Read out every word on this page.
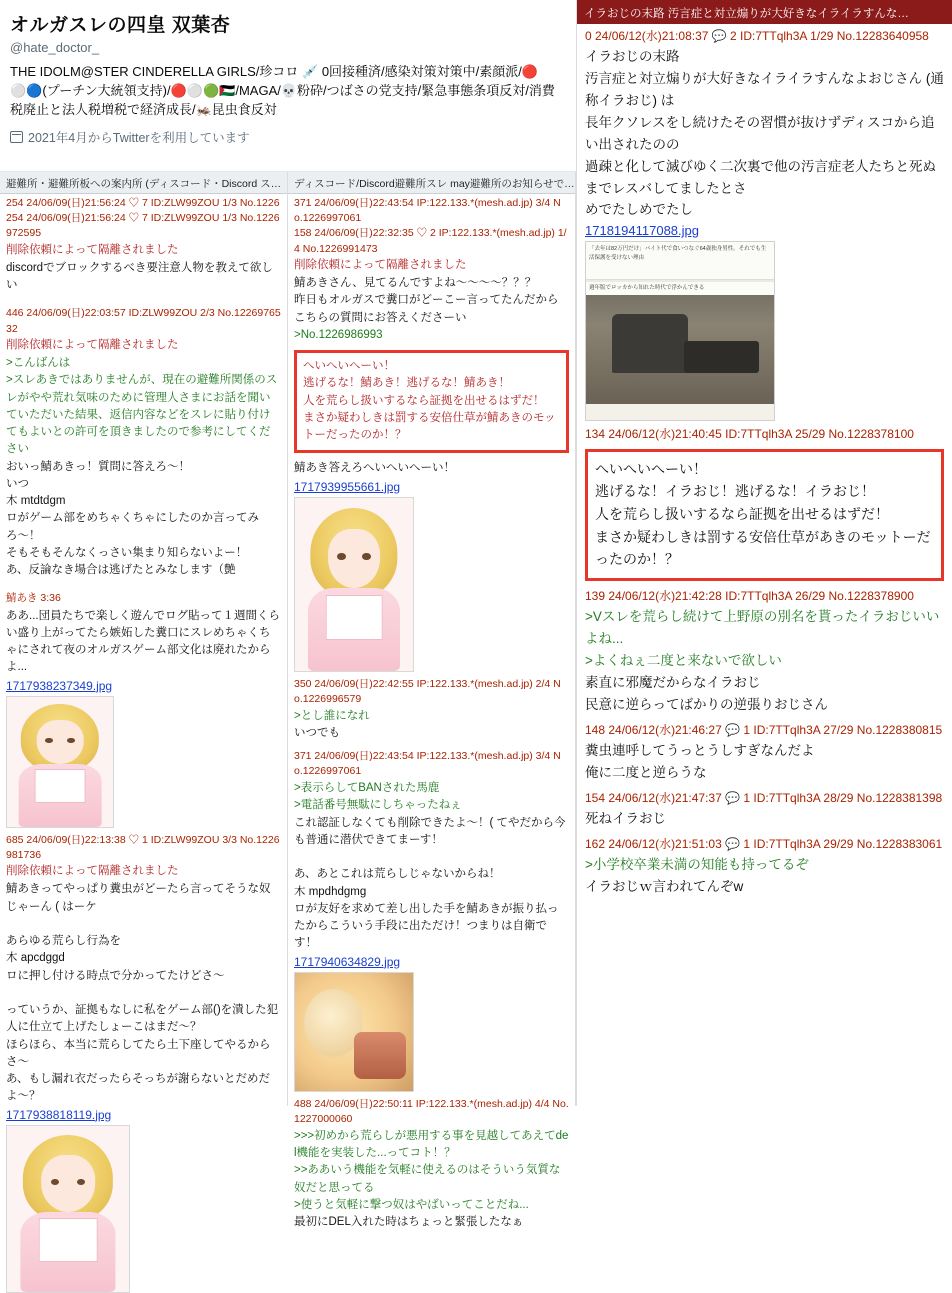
オルガスレの四皇 双葉杏
@hate_doctor_
THE IDOLM@STER CINDERELLA GIRLS/珍コロ 💉 0回接種済/感染対策対策中/素顔派/🔴⚪🔵(プーチン大統領支持)/🔴⚪🟢🇵🇸/MAGA/💀粉砕/つばさの党支持/緊急事態条項反対/消費税廃止と法人税増税で経済成長/🦗昆虫食反対
2021年4月からTwitterを利用しています
避難所・避難所板への案内所 (ディスコード・Discord ス…
254 24/06/09(日)21:56:24 ♡ 7 ID:ZLW99ZOU 1/3 No.1226
254 24/06/09(日)21:56:24 ♡ 7 ID:ZLW99ZOU 1/3 No.1226972595
削除依頼によって隔離されました
discordでブロックするべき要注意人物を教えて欲しい
446 24/06/09(日)22:03:57 ID:ZLW99ZOU 2/3 No.1226976532
削除依頼によって隔離されました
>こんばんは
>スレあきではありませんが、現在の避難所関係のスレがやや荒れ気味のために管理人さまにお話を聞いていただいた結果、返信内容などをスレに貼り付けてもよいとの許可を頂きましたので参考にしてください
おいっ鯖あきっ！質問に答えろ〜！
いつ
木 mtdtdgm
ロがゲーム部をめちゃくちゃにしたのか言ってみろ〜！
そもそもそんなくっさい集まり知らないよー！
あ、反論なき場合は逃げたとみなします（艶
鯖あき 3:36
ああ...団員たちで楽しく遊んでログ貼って１週間くらい盛り上がってたら嫉妬した糞口にスレめちゃくちゃにされて夜のオルガスゲーム部文化は廃れたからよ...
1717938237349.jpg
685 24/06/09(日)22:13:38 ♡ 1 ID:ZLW99ZOU 3/3 No.1226981736
削除依頼によって隔離されました
鯖あきってやっぱり糞虫がどーたら言ってそうな奴じゃーん ( はーケ

あらゆる荒らし行為を
木 apcdggd
ロに押し付ける時点で分かってたけどさ〜

っていうか、証拠もなしに私をゲーム部()を潰した犯人に仕立て上げたしょーこはまだ〜？
ほらほら、本当に荒らしてたら土下座してやるからさ〜
あ、もし漏れ衣だったらそっちが謝らないとだめだよ〜？
1717938818119.jpg
ディスコード/Discord避難所スレ may避難所のお知らせで…
371 24/06/09(日)22:43:54 IP:122.133.*(mesh.ad.jp) 3/4 No.1226997061
158 24/06/09(日)22:32:35 ♡ 2 IP:122.133.*(mesh.ad.jp) 1/4 No.1226991473
削除依頼によって隔離されました
鯖あきさん、見てるんですよね〜〜〜〜？？？
昨日もオルガスで糞口がどーこー言ってたんだからこちらの質問にお答えくださーい
>No.1226986993
へいへいへーい！
逃げるな！鯖あき！逃げるな！鯖あき！
人を荒らし扱いするなら証拠を出せるはずだ！
まさか疑わしきは罰する安倍仕草が鯖あきのモットーだったのか！？
鯖あき答えろへいへいへーい！
1717939955661.jpg
350 24/06/09(日)22:42:55 IP:122.133.*(mesh.ad.jp) 2/4 No.1226996579
>とし誰になれ
いつでも
371 24/06/09(日)22:43:54 IP:122.133.*(mesh.ad.jp) 3/4 No.1226997061
>表示らしてBANされた馬鹿
>電話番号無駄にしちゃったねぇ
これ認証しなくても削除できたよ〜！( てやだから今も普通に潜伏できてまーす！

あ、あとこれは荒らしじゃないからね！
木 mpdhdgmg
ロが友好を求めて差し出した手を鯖あきが振り払ったからこういう手段に出ただけ！つまりは自衛です！
1717940634829.jpg
488 24/06/09(日)22:50:11 IP:122.133.*(mesh.ad.jp) 4/4 No.1227000060
>>>初めから荒らしが悪用する事を見越してあえてdel機能を実装した...ってコト！？
>>ああいう機能を気軽に使えるのはそういう気質な奴だと思ってる
>使うと気軽に撃つ奴はやばいってことだね...
最初にDEL入れた時はちょっと緊張したなぁ
イラおじの末路 汚言症と対立煽りが大好きなイライラすんな…
0 24/06/12(水)21:08:37 💬 2 ID:7TTqlh3A 1/29 No.12283640958
イラおじの末路
汚言症と対立煽りが大好きなイライラすんなよおじさん (通称イラおじ) は
長年クソレスをし続けたその習慣が抜けずディスコから追い出されたのの
過疎と化して滅びゆく二次裏で他の汚言症老人たちと死ぬまでレスバしてましたとさ
めでたしめでたし
1718194117088.jpg
「去年は82万円だけ」バイト代で食いつなぐ64歳独身男性。それでも生活保護を受けない理由
週年版でロッカから知れた時代で浮かんできる
134 24/06/12(水)21:40:45 ID:7TTqlh3A 25/29 No.1228378100
へいへいへーい！
逃げるな！イラおじ！逃げるな！イラおじ！
人を荒らし扱いするなら証拠を出せるはずだ！
まさか疑わしきは罰する安倍仕草があきのモットーだったのか！？
139 24/06/12(水)21:42:28 ID:7TTqlh3A 26/29 No.1228378900
>Vスレを荒らし続けて上野原の別名を貰ったイラおじいいよね...
>よくねぇ二度と来ないで欲しい
素直に邪魔だからなイラおじ
民意に逆らってばかりの逆張りおじさん
148 24/06/12(水)21:46:27 💬 1 ID:7TTqlh3A 27/29 No.1228380815
糞虫連呼してうっとうしすぎなんだよ
俺に二度と逆らうな
154 24/06/12(水)21:47:37 💬 1 ID:7TTqlh3A 28/29 No.1228381398
死ねイラおじ
162 24/06/12(水)21:51:03 💬 1 ID:7TTqlh3A 29/29 No.1228383061
>小学校卒業未満の知能も持ってるぞ
イラおじｗ言われてんぞw
